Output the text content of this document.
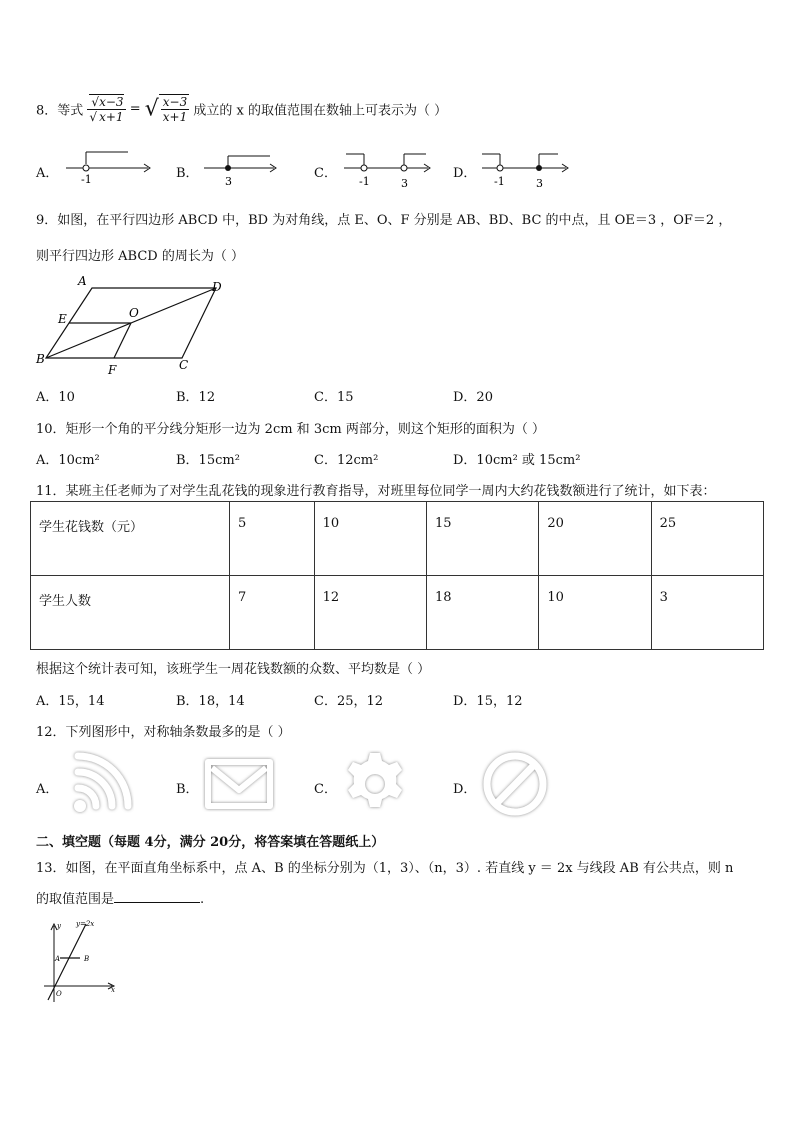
8．等式 $\frac{√x-3}{√ x+1}$ = √ $\frac{x-3}{x+1}$ 成立的 x 的取值范围在数轴上可表示为（ ）
A． -1	B．
3
C．
-1	3
D．
-1	3
9．如图，在平行四边形 ABCD 中，BD 为对角线，点 E、O、F 分别是 AB、BD、BC 的中点，且 OE＝3 ，OF＝2 ，
则平行四边形 ABCD 的周长为（ ）
A	D
E	O
B	C
F
A．10	B．12	C．15	D．20
10．矩形一个角的平分线分矩形一边为 2cm 和 3cm 两部分，则这个矩形的面积为（ ）
A．10cm²	B．15cm²	C．12cm²	D．10cm² 或 15cm²
11．某班主任老师为了对学生乱花钱的现象进行教育指导，对班里每位同学一周内大约花钱数额进行了统计，如下表：
学生花钱数（元）	5	10	15	20	25
学生人数	7	12	18	10	3
根据这个统计表可知，该班学生一周花钱数额的众数、平均数是（ ）
A．15，14	B．18，14	C．25，12	D．15，12
12．下列图形中，对称轴条数最多的是（ ）
A．	B．	C．	D．
二、填空题（每题 4分，满分 20分，将答案填在答题纸上）
13．如图，在平面直角坐标系中，点 A、B 的坐标分别为（1，3）、（n，3）. 若直线 y ＝ 2x 与线段 AB 有公共点，则 n
的取值范围是	.
y=2x
y
x
A	B
O
